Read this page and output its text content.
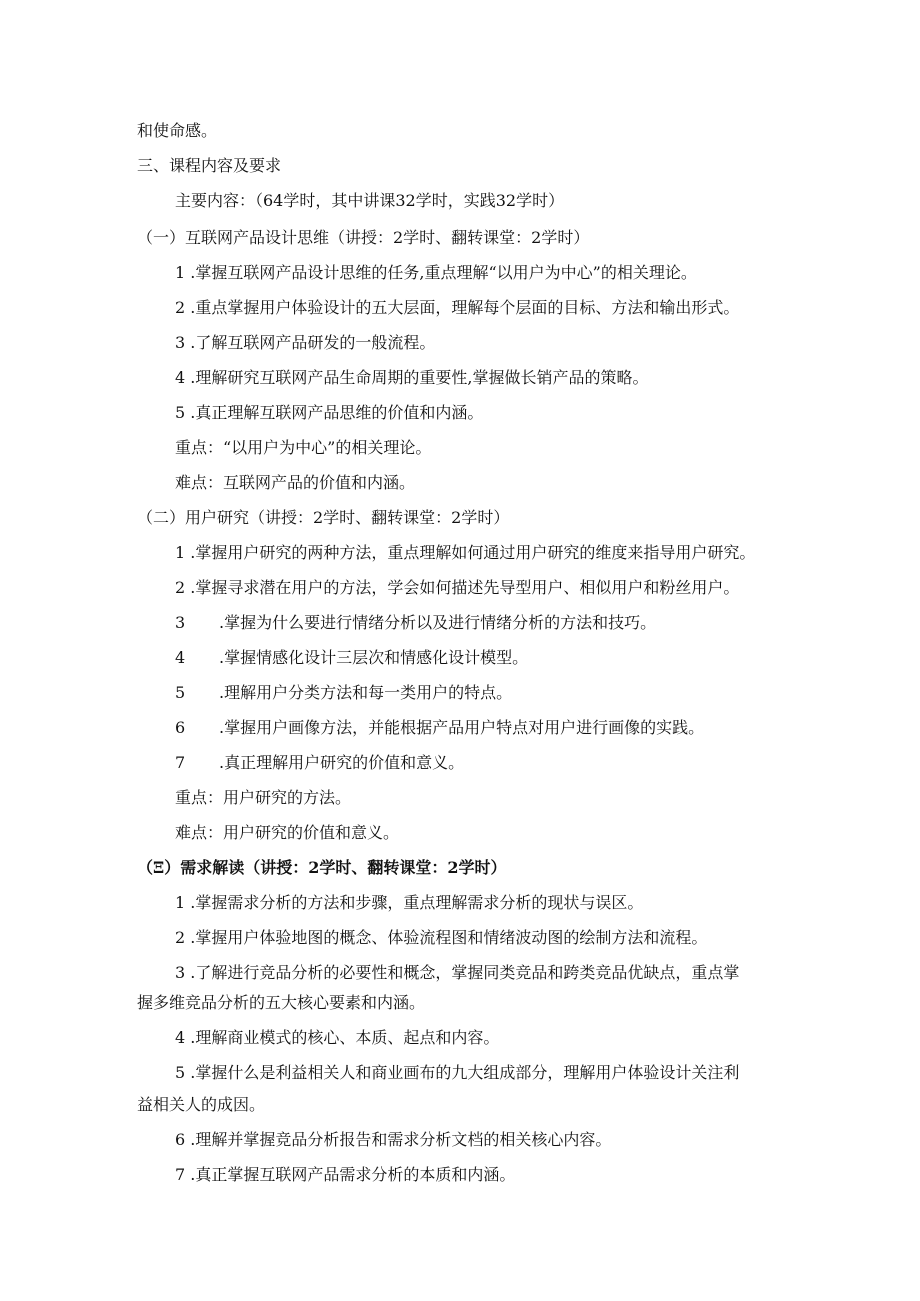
和使命感。
三、课程内容及要求
主要内容：（64学时，其中讲课32学时，实践32学时）
（一）互联网产品设计思维（讲授：2学时、翻转课堂：2学时）
1 .掌握互联网产品设计思维的任务,重点理解“以用户为中心”的相关理论。
2 .重点掌握用户体验设计的五大层面，理解每个层面的目标、方法和输出形式。
3 .了解互联网产品研发的一般流程。
4 .理解研究互联网产品生命周期的重要性,掌握做长销产品的策略。
5 .真正理解互联网产品思维的价值和内涵。
重点：“以用户为中心”的相关理论。
难点：互联网产品的价值和内涵。
（二）用户研究（讲授：2学时、翻转课堂：2学时）
1 .掌握用户研究的两种方法，重点理解如何通过用户研究的维度来指导用户研究。
2 .掌握寻求潜在用户的方法，学会如何描述先导型用户、相似用户和粉丝用户。
3 .掌握为什么要进行情绪分析以及进行情绪分析的方法和技巧。
4 .掌握情感化设计三层次和情感化设计模型。
5 .理解用户分类方法和每一类用户的特点。
6 .掌握用户画像方法，并能根据产品用户特点对用户进行画像的实践。
7 .真正理解用户研究的价值和意义。
重点：用户研究的方法。
难点：用户研究的价值和意义。
（Ξ）需求解读（讲授：2学时、翻转课堂：2学时）
1 .掌握需求分析的方法和步骤，重点理解需求分析的现状与误区。
2 .掌握用户体验地图的概念、体验流程图和情绪波动图的绘制方法和流程。
3 .了解进行竞品分析的必要性和概念，掌握同类竞品和跨类竞品优缺点，重点掌
握多维竞品分析的五大核心要素和内涵。
4 .理解商业模式的核心、本质、起点和内容。
5 .掌握什么是利益相关人和商业画布的九大组成部分，理解用户体验设计关注利
益相关人的成因。
6 .理解并掌握竞品分析报告和需求分析文档的相关核心内容。
7 .真正掌握互联网产品需求分析的本质和内涵。
